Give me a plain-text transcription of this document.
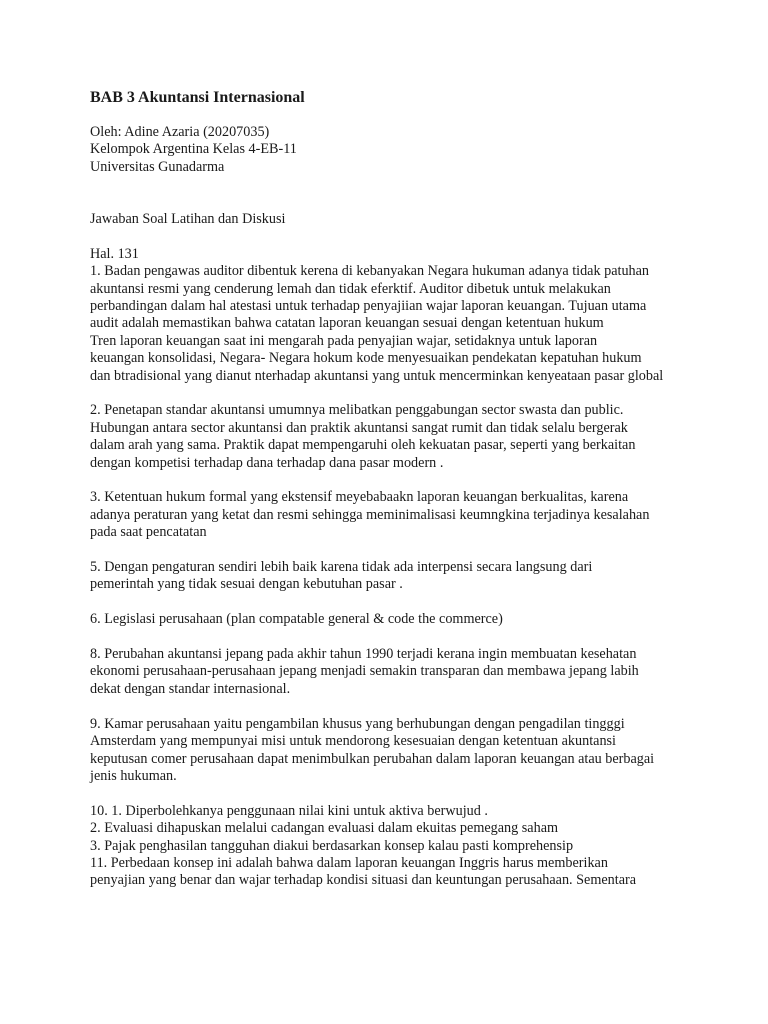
BAB 3 Akuntansi Internasional
Oleh: Adine Azaria (20207035)
Kelompok Argentina Kelas 4-EB-11
Universitas Gunadarma
Jawaban Soal Latihan dan Diskusi
Hal. 131
1. Badan pengawas auditor dibentuk kerena di kebanyakan Negara hukuman adanya tidak patuhan
akuntansi resmi yang cenderung lemah dan tidak eferktif. Auditor dibetuk untuk melakukan
perbandingan dalam hal atestasi untuk terhadap penyajiian wajar laporan keuangan. Tujuan utama
audit adalah memastikan bahwa catatan laporan keuangan sesuai dengan ketentuan hukum
Tren laporan keuangan saat ini mengarah pada penyajian wajar, setidaknya untuk laporan
keuangan konsolidasi, Negara- Negara hokum kode menyesuaikan pendekatan kepatuhan hukum
dan btradisional yang dianut nterhadap akuntansi yang untuk mencerminkan kenyeataan pasar global
2. Penetapan standar akuntansi umumnya melibatkan penggabungan sector swasta dan public.
Hubungan antara sector akuntansi dan praktik akuntansi sangat rumit dan tidak selalu bergerak
dalam arah yang sama. Praktik dapat mempengaruhi oleh kekuatan pasar, seperti yang berkaitan
dengan kompetisi terhadap dana terhadap dana pasar modern .
3. Ketentuan hukum formal yang ekstensif meyebabaakn laporan keuangan berkualitas, karena
adanya peraturan yang ketat dan resmi sehingga meminimalisasi keumngkina terjadinya kesalahan
pada saat pencatatan
5. Dengan pengaturan sendiri lebih baik karena tidak ada interpensi secara langsung dari
pemerintah yang tidak sesuai dengan kebutuhan pasar .
6. Legislasi perusahaan (plan compatable general & code the commerce)
8. Perubahan akuntansi jepang pada akhir tahun 1990 terjadi kerana ingin membuatan kesehatan
ekonomi perusahaan-perusahaan jepang menjadi semakin transparan dan membawa jepang labih
dekat dengan standar internasional.
9. Kamar perusahaan yaitu pengambilan khusus yang berhubungan dengan pengadilan tingggi
Amsterdam yang mempunyai misi untuk mendorong kesesuaian dengan ketentuan akuntansi
keputusan comer perusahaan dapat menimbulkan perubahan dalam laporan keuangan atau berbagai
jenis hukuman.
10. 1. Diperbolehkanya penggunaan nilai kini untuk aktiva berwujud .
2. Evaluasi dihapuskan melalui cadangan evaluasi dalam ekuitas pemegang saham
3. Pajak penghasilan tangguhan diakui berdasarkan konsep kalau pasti komprehensip
11. Perbedaan konsep ini adalah bahwa dalam laporan keuangan Inggris harus memberikan
penyajian yang benar dan wajar terhadap kondisi situasi dan keuntungan perusahaan. Sementara
